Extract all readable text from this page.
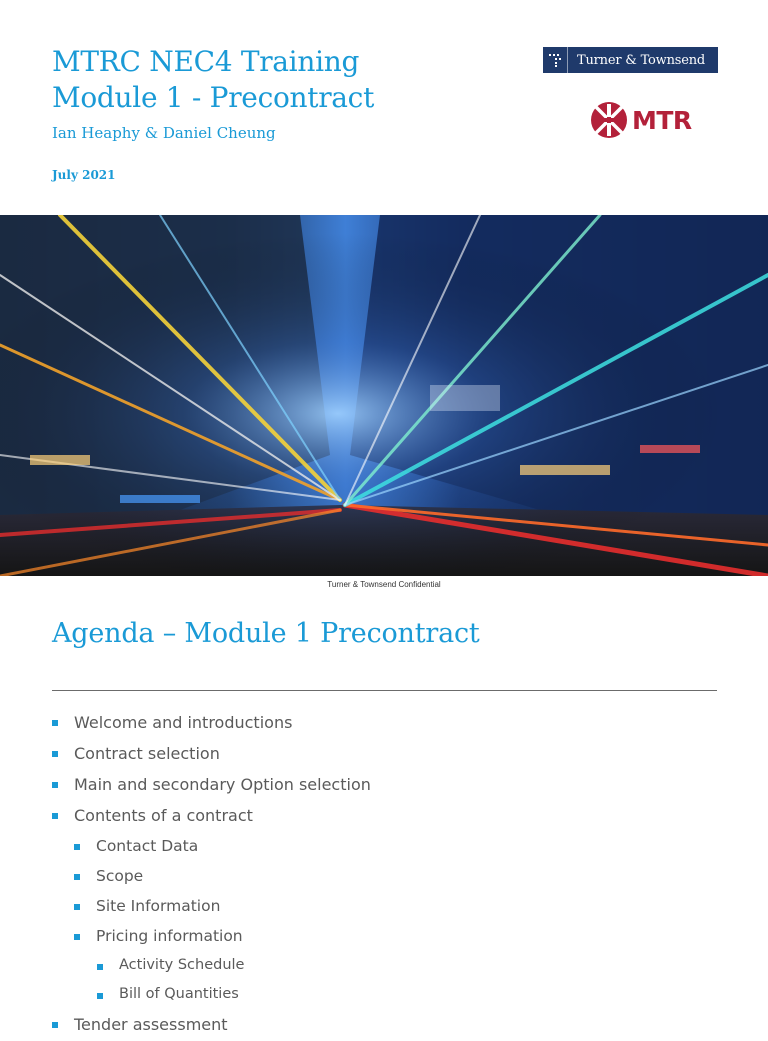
MTRC NEC4 Training
Module 1 - Precontract
Ian Heaphy & Daniel Cheung
July 2021
Turner & Townsend
MTR
Turner & Townsend Confidential
Agenda – Module 1 Precontract
Welcome and introductions
Contract selection
Main and secondary Option selection
Contents of a contract
Contact Data
Scope
Site Information
Pricing information
Activity Schedule
Bill of Quantities
Tender assessment
